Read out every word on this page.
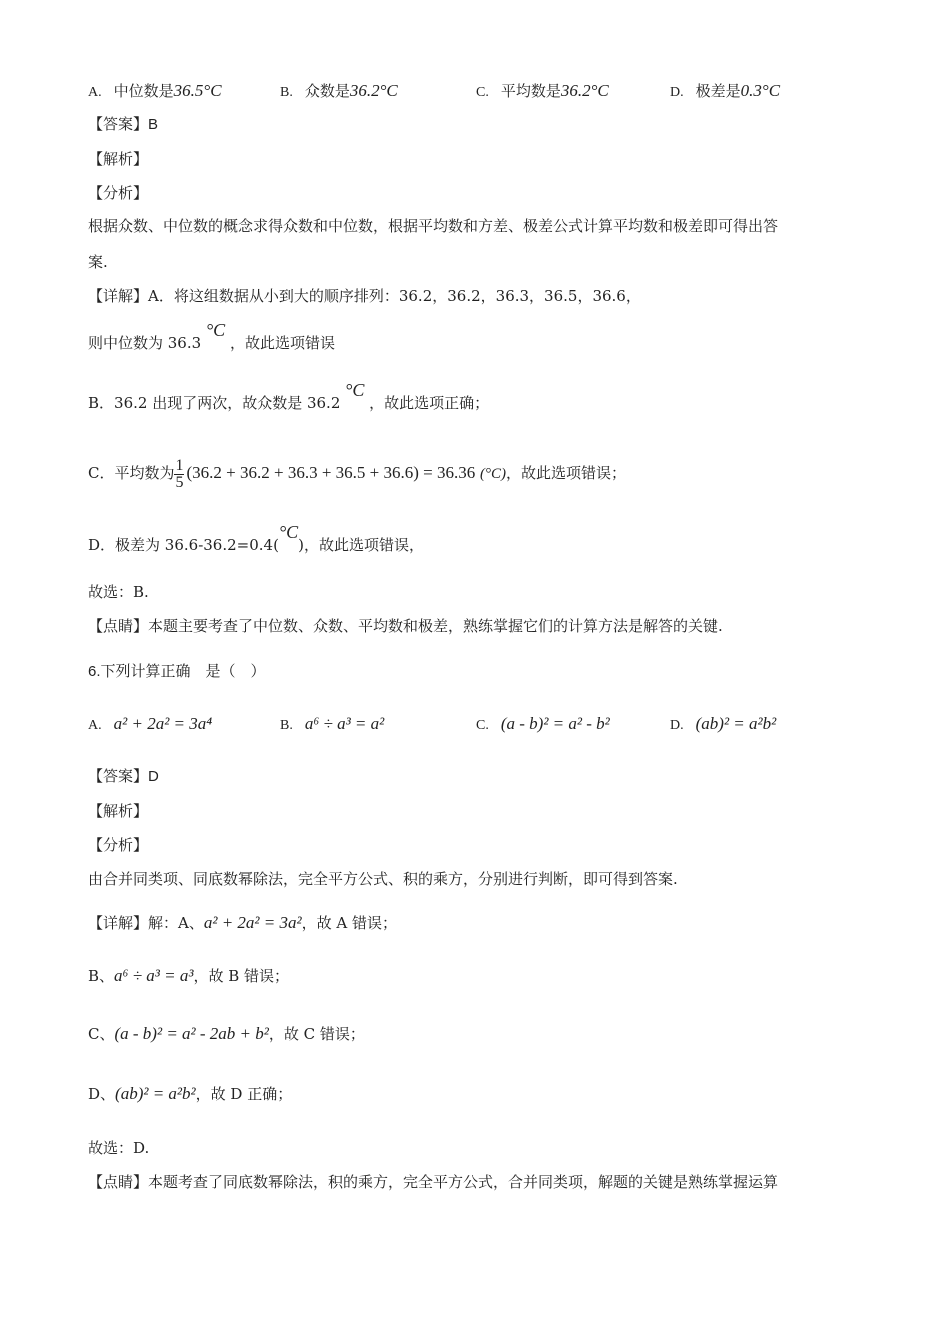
A. 中位数是36.5°C	B. 众数是36.2°C	C. 平均数是36.2°C	D. 极差是0.3°C
【答案】B
【解析】
【分析】
根据众数、中位数的概念求得众数和中位数，根据平均数和方差、极差公式计算平均数和极差即可得出答
案.
【详解】A．将这组数据从小到大的顺序排列：36.2，36.2，36.3，36.5，36.6，
则中位数为 36.3 °C ，故此选项错误
B．36.2 出现了两次，故众数是 36.2 °C ，故此选项正确；
C．平均数为 $\frac{1}{5} (36.2 + 36.2 + 36.3 + 36.5 + 36.6) = 36.36$ (°C)，故此选项错误；
D．极差为 36.6-36.2=0.4(°C)，故此选项错误，
故选：B.
【点睛】本题主要考查了中位数、众数、平均数和极差，熟练掌握它们的计算方法是解答的关键.
6.下列计算正确　是（　）
A. a² + 2a² = 3a⁴	B. a⁶ ÷ a³ = a²	C. (a - b)² = a² - b²	D. (ab)² = a²b²
【答案】D
【解析】
【分析】
由合并同类项、同底数幂除法，完全平方公式、积的乘方，分别进行判断，即可得到答案.
【详解】解：A、a² + 2a² = 3a²，故 A 错误；
B、a⁶ ÷ a³ = a³，故 B 错误；
C、(a - b)² = a² - 2ab + b²，故 C 错误；
D、(ab)² = a²b²，故 D 正确；
故选：D.
【点睛】本题考查了同底数幂除法，积的乘方，完全平方公式，合并同类项，解题的关键是熟练掌握运算
